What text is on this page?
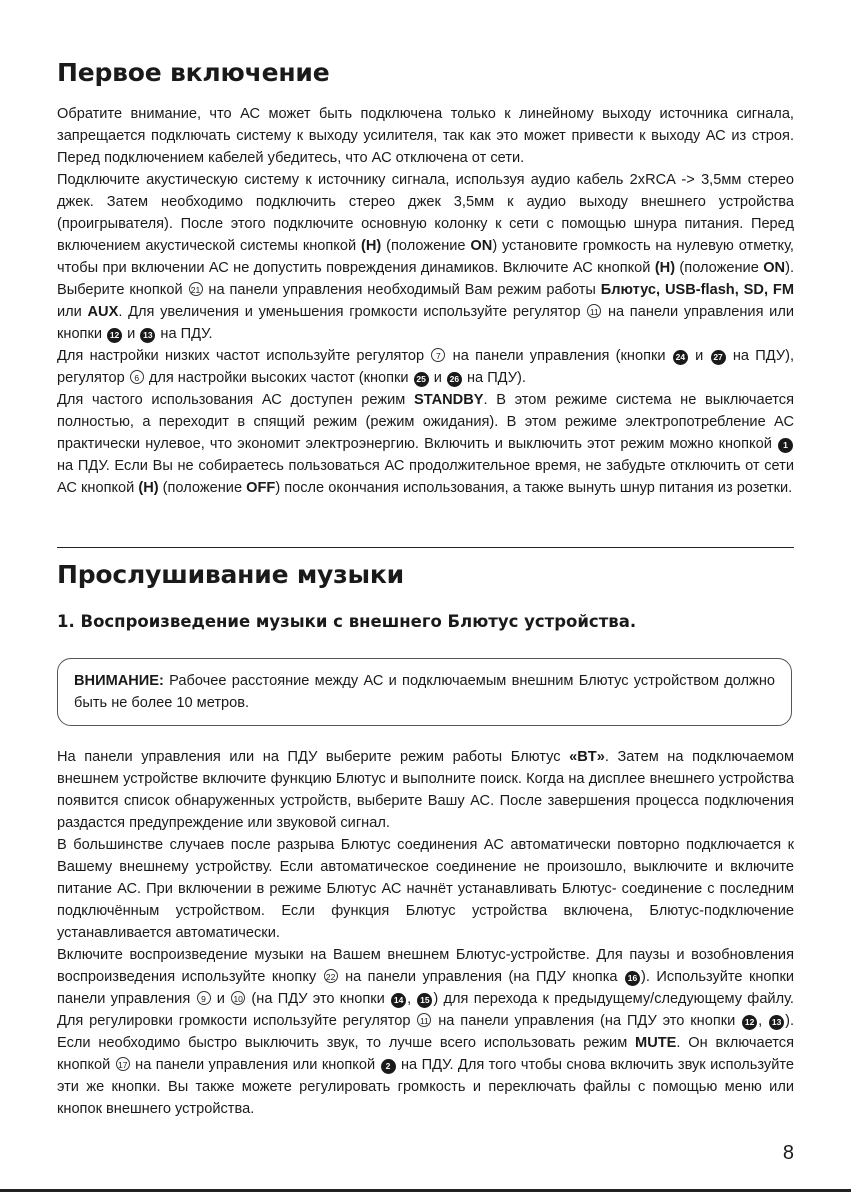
Первое включение

Обратите внимание, что АС может быть подключена только к линейному выходу источника сигнала, запрещается подключать систему к выходу усилителя, так как это может привести к выходу АС из строя. Перед подключением кабелей убедитесь, что АС отключена от сети.

Подключите акустическую систему к источнику сигнала, используя аудио кабель 2xRCA -> 3,5мм стерео джек. Затем необходимо подключить стерео джек 3,5мм к аудио выходу внешнего устройства (проигрывателя). После этого подключите основную колонку к сети с помощью шнура питания. Перед включением акустической системы кнопкой (H) (положение ON) установите громкость на нулевую отметку, чтобы при включении АС не допустить повреждения динамиков. Включите АС кнопкой (H) (положение ON). Выберите кнопкой 21 на панели управления необходимый Вам режим работы Блютус, USB-flash, SD, FM или AUX. Для увеличения и уменьшения громкости используйте регулятор 11 на панели управления или кнопки 12 и 13 на ПДУ.

Для настройки низких частот используйте регулятор 7 на панели управления (кнопки 24 и 27 на ПДУ), регулятор 6 для настройки высоких частот (кнопки 25 и 26 на ПДУ).

Для частого использования АС доступен режим STANDBY. В этом режиме система не выключается полностью, а переходит в спящий режим (режим ожидания). В этом режиме электропотребление АС практически нулевое, что экономит электроэнергию. Включить и выключить этот режим можно кнопкой 1 на ПДУ. Если Вы не собираетесь пользоваться АС продолжительное время, не забудьте отключить от сети АС кнопкой (H) (положение OFF) после окончания использования, а также вынуть шнур питания из розетки.

Прослушивание музыки
1. Воспроизведение музыки с внешнего Блютус устройства.
ВНИМАНИЕ: Рабочее расстояние между АС и подключаемым внешним Блютус устройством должно быть не более 10 метров.

На панели управления или на ПДУ выберите режим работы Блютус «BT». Затем на подключаемом внешнем устройстве включите функцию Блютус и выполните поиск. Когда на дисплее внешнего устройства появится список обнаруженных устройств, выберите Вашу АС. После завершения процесса подключения раздастся предупреждение или звуковой сигнал.

В большинстве случаев после разрыва Блютус соединения АС автоматически повторно подключается к Вашему внешнему устройству. Если автоматическое соединение не произошло, выключите и включите питание АС. При включении в режиме Блютус АС начнёт устанавливать Блютус- соединение с последним подключённым устройством. Если функция Блютус устройства включена, Блютус-подключение устанавливается автоматически.

Включите воспроизведение музыки на Вашем внешнем Блютус-устройстве. Для паузы и возобновления воспроизведения используйте кнопку 22 на панели управления (на ПДУ кнопка 16 ). Используйте кнопки панели управления 9 и 10 (на ПДУ это кнопки 14 , 15 ) для перехода к предыдущему/следующему файлу. Для регулировки громкости используйте регулятор 11 на панели управления (на ПДУ это кнопки 12 , 13 ). Если необходимо быстро выключить звук, то лучше всего использовать режим MUTE. Он включается кнопкой 17 на панели управления или кнопкой 2 на ПДУ. Для того чтобы снова включить звук используйте эти же кнопки. Вы также можете регулировать громкость и переключать файлы с помощью меню или кнопок внешнего устройства.

8
